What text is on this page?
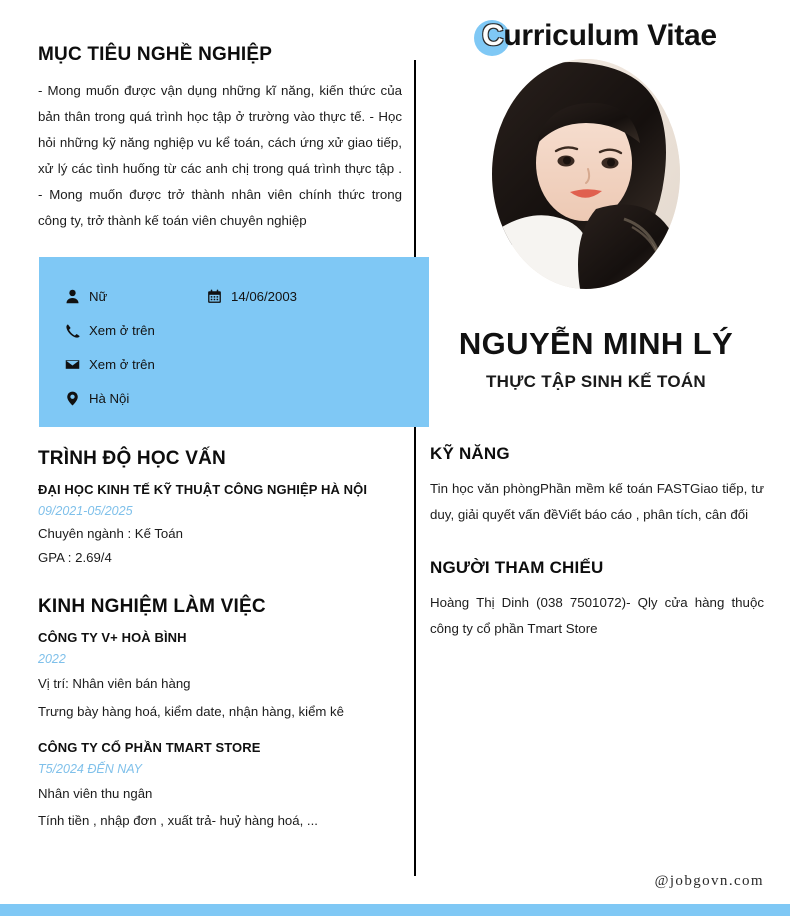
Curriculum Vitae
NGUYỄN MINH LÝ
THỰC TẬP SINH KẾ TOÁN
MỤC TIÊU NGHỀ NGHIỆP

- Mong muốn được vận dụng những kĩ năng, kiến thức của bản thân trong quá trình học tập ở trường vào thực tế. - Học hỏi những kỹ năng nghiệp vu kể toán, cách ứng xử giao tiếp, xử lý các tình huống từ các anh chị trong quá trình thực tập . - Mong muốn được trở thành nhân viên chính thức trong công ty, trở thành kế toán viên chuyên nghiệp

Nữ	14/06/2003
Xem ở trên
Xem ở trên
Hà Nội
TRÌNH ĐỘ HỌC VẤN
ĐẠI HỌC KINH TẾ KỸ THUẬT CÔNG NGHIỆP HÀ NỘI
09/2021-05/2025
Chuyên ngành : Kế Toán
GPA : 2.69/4
KINH NGHIỆM LÀM VIỆC
CÔNG TY V+ HOÀ BÌNH
2022
Vị trí: Nhân viên bán hàng
Trưng bày hàng hoá, kiểm date, nhận hàng, kiểm kê
CÔNG TY CỔ PHẦN TMART STORE
T5/2024 ĐẾN NAY
Nhân viên thu ngân
Tính tiền , nhập đơn , xuất trả- huỷ hàng hoá, ...
KỸ NĂNG

Tin học văn phòngPhần mềm kế toán FASTGiao tiếp, tư duy, giải quyết vấn đềViết báo cáo , phân tích, cân đối

NGƯỜI THAM CHIẾU

Hoàng Thị Dinh (038 7501072)- Qly cửa hàng thuộc công ty cổ phần Tmart Store

@jobgovn.com
